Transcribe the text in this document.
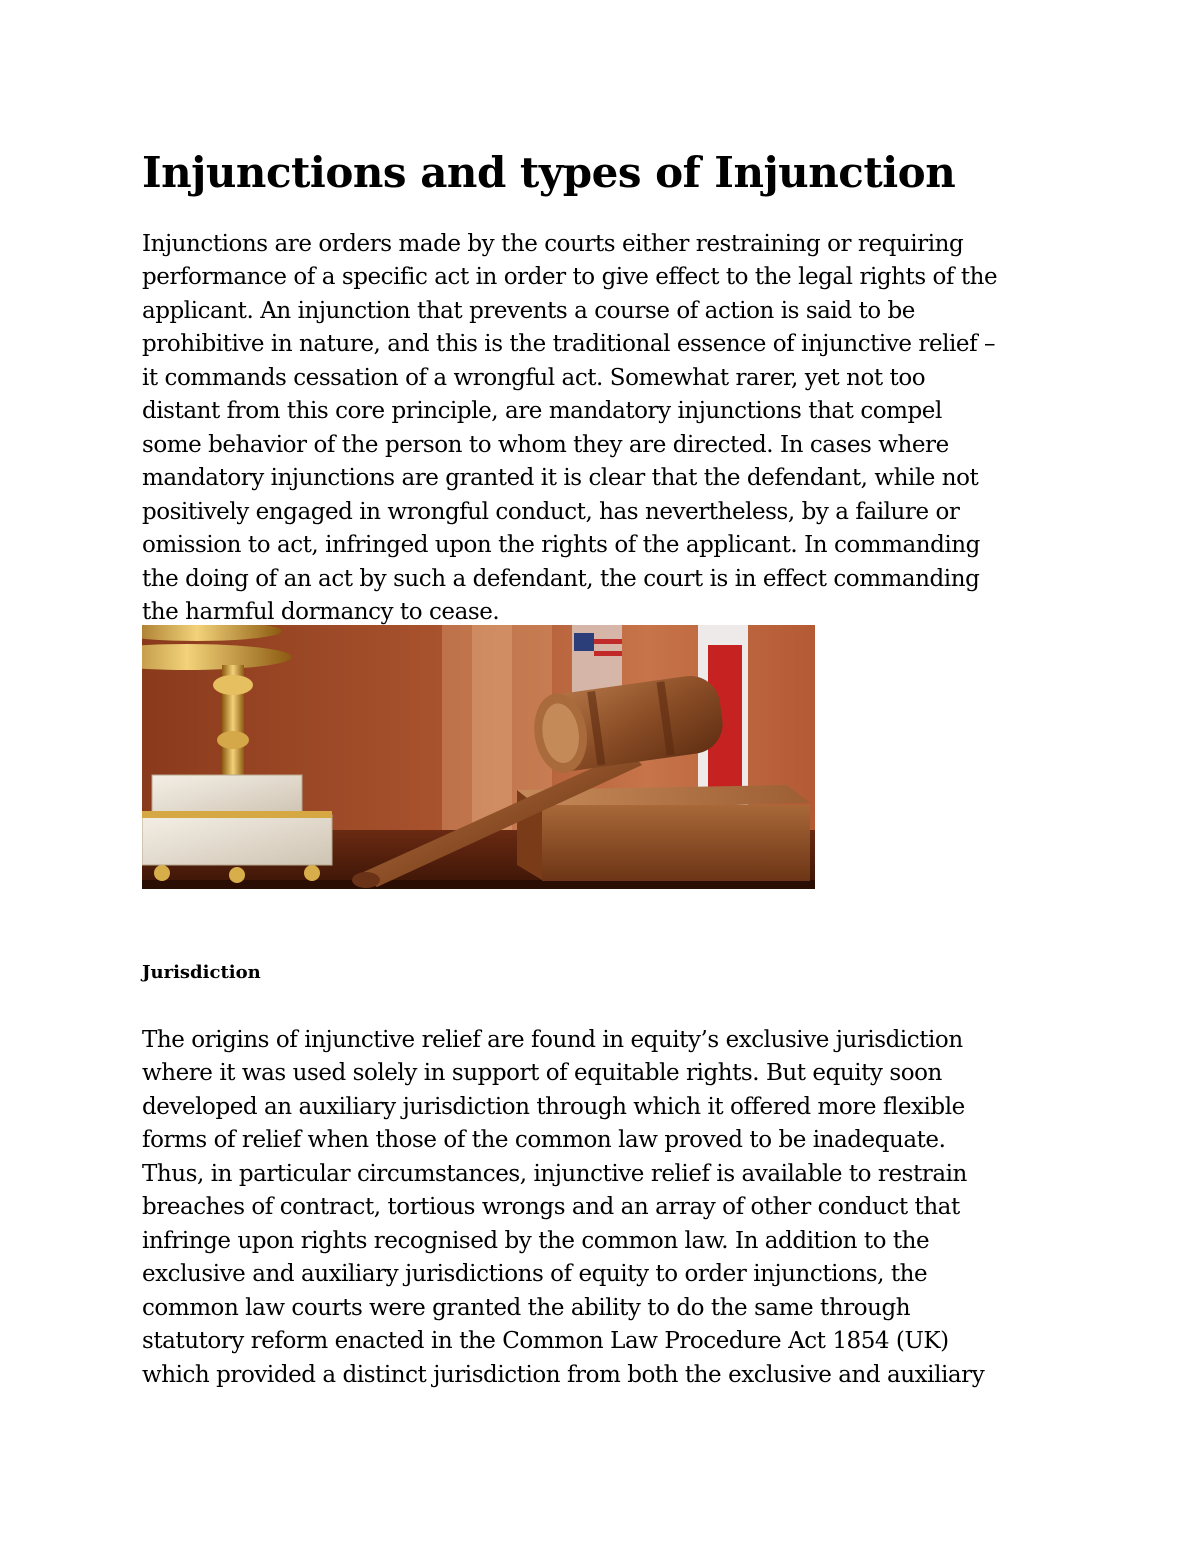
Injunctions and types of Injunction
Injunctions are orders made by the courts either restraining or requiring
performance of a specific act in order to give effect to the legal rights of the
applicant. An injunction that prevents a course of action is said to be
prohibitive in nature, and this is the traditional essence of injunctive relief –
it commands cessation of a wrongful act. Somewhat rarer, yet not too
distant from this core principle, are mandatory injunctions that compel
some behavior of the person to whom they are directed. In cases where
mandatory injunctions are granted it is clear that the defendant, while not
positively engaged in wrongful conduct, has nevertheless, by a failure or
omission to act, infringed upon the rights of the applicant. In commanding
the doing of an act by such a defendant, the court is in effect commanding
the harmful dormancy to cease.
Jurisdiction
The origins of injunctive relief are found in equity’s exclusive jurisdiction
where it was used solely in support of equitable rights. But equity soon
developed an auxiliary jurisdiction through which it offered more flexible
forms of relief when those of the common law proved to be inadequate.
Thus, in particular circumstances, injunctive relief is available to restrain
breaches of contract, tortious wrongs and an array of other conduct that
infringe upon rights recognised by the common law. In addition to the
exclusive and auxiliary jurisdictions of equity to order injunctions, the
common law courts were granted the ability to do the same through
statutory reform enacted in the Common Law Procedure Act 1854 (UK)
which provided a distinct jurisdiction from both the exclusive and auxiliary
